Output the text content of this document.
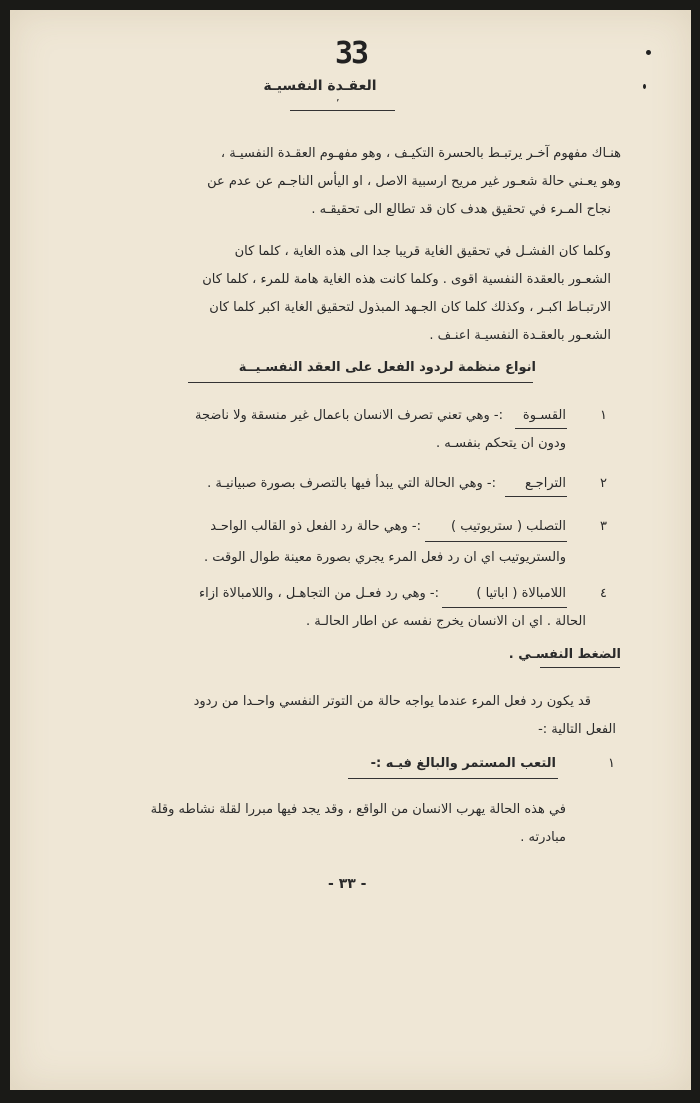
33
العقـدة النفسيـة
٬
هنـاك مفهوم آخـر يرتبـط بالحسرة التكيـف ، وهو مفهـوم العقـدة النفسيـة ،
وهو يعـني حالة شعـور غير مريح ارسبية الاصل ، او اليأس الناجـم عن عدم عن
نجاح المـرء في تحقيق هدف كان قد تطالع الى تحقيقـه .
وكلما كان الفشـل في تحقيق الغاية قريبا جدا الى هذه الغاية ، كلما كان
الشعـور بالعقدة النفسية اقوى . وكلما كانت هذه الغاية هامة للمرء ، كلما كان
الارتبـاط اكبـر ، وكذلك كلما كان الجـهد المبذول لتحقيق الغاية اكبر كلما كان
الشعـور بالعقـدة النفسيـة اعنـف .
انواع منظمة لردود الفعل على العقد النفسـيــة
١
القسـوة
:- وهي تعني تصرف الانسان باعمال غير منسقة ولا ناضجة
ودون ان يتحكم بنفسـه .
٢
التراجـع
:- وهي الحالة التي يبدأ فيها بالتصرف بصورة صبيانيـة .
٣
التصلب ( ستريوتيب )
:- وهي حالة رد الفعل ذو القالب الواحـد
والستريوتيب اي ان رد فعل المرء يجري بصورة معينة طوال الوقت .
٤
اللامبالاة ( اباتيا )
:- وهي رد فعـل من التجاهـل ، واللامبالاة ازاء
الحالة . اي ان الانسان يخرج نفسه عن اطار الحالـة .
الضغط النفسـي .
قد يكون رد فعل المرء عندما يواجه حالة من التوتر النفسي واحـدا من ردود
الفعل التالية :-
١
التعب المستمر والبالغ فيـه :-
في هذه الحالة يهرب الانسان من الواقع ، وقد يجد فيها مبررا لقلة نشاطه وقلة
مبادرته .
- ٣٣ -
